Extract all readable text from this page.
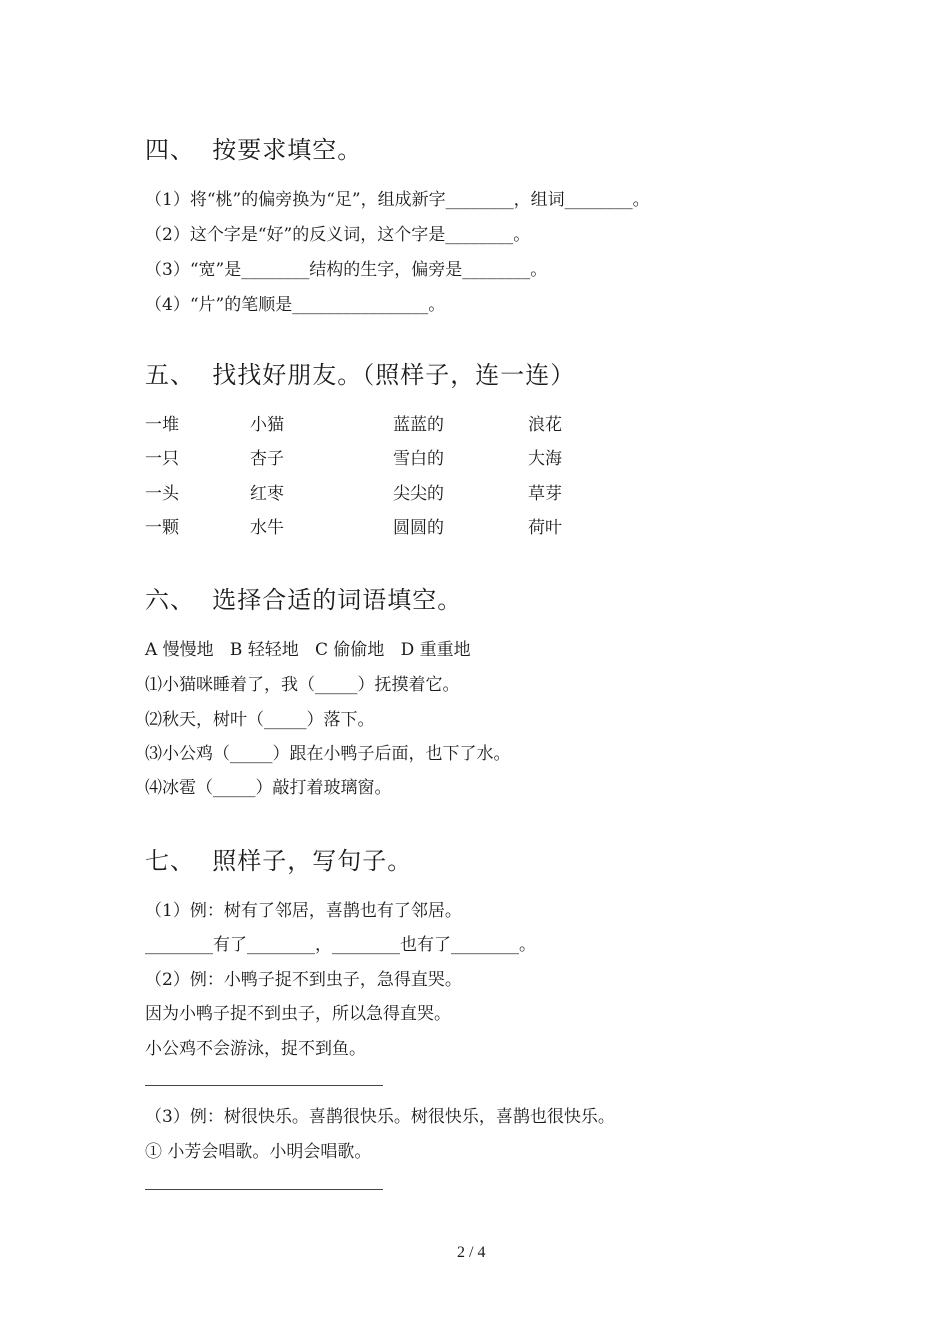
四、  按要求填空。
（1）将“桃”的偏旁换为“足”，组成新字________，组词________。
（2）这个字是“好”的反义词，这个字是________。
（3）“宽”是________结构的生字，偏旁是________。
（4）“片”的笔顺是________________。
五、  找找好朋友。（照样子，连一连）
一堆
一只
一头
一颗
小猫
杏子
红枣
水牛
蓝蓝的
雪白的
尖尖的
圆圆的
浪花
大海
草芽
荷叶
六、  选择合适的词语填空。
A 慢慢地   B 轻轻地   C 偷偷地   D 重重地
⑴小猫咪睡着了，我（_____）抚摸着它。
⑵秋天，树叶（_____）落下。
⑶小公鸡（_____）跟在小鸭子后面，也下了水。
⑷冰雹（_____）敲打着玻璃窗。
七、  照样子，写句子。
（1）例：树有了邻居，喜鹊也有了邻居。
________有了________，________也有了________。
（2）例：小鸭子捉不到虫子，急得直哭。
因为小鸭子捉不到虫子，所以急得直哭。
小公鸡不会游泳，捉不到鱼。
（3）例：树很快乐。喜鹊很快乐。树很快乐，喜鹊也很快乐。
① 小芳会唱歌。小明会唱歌。
2 / 4
